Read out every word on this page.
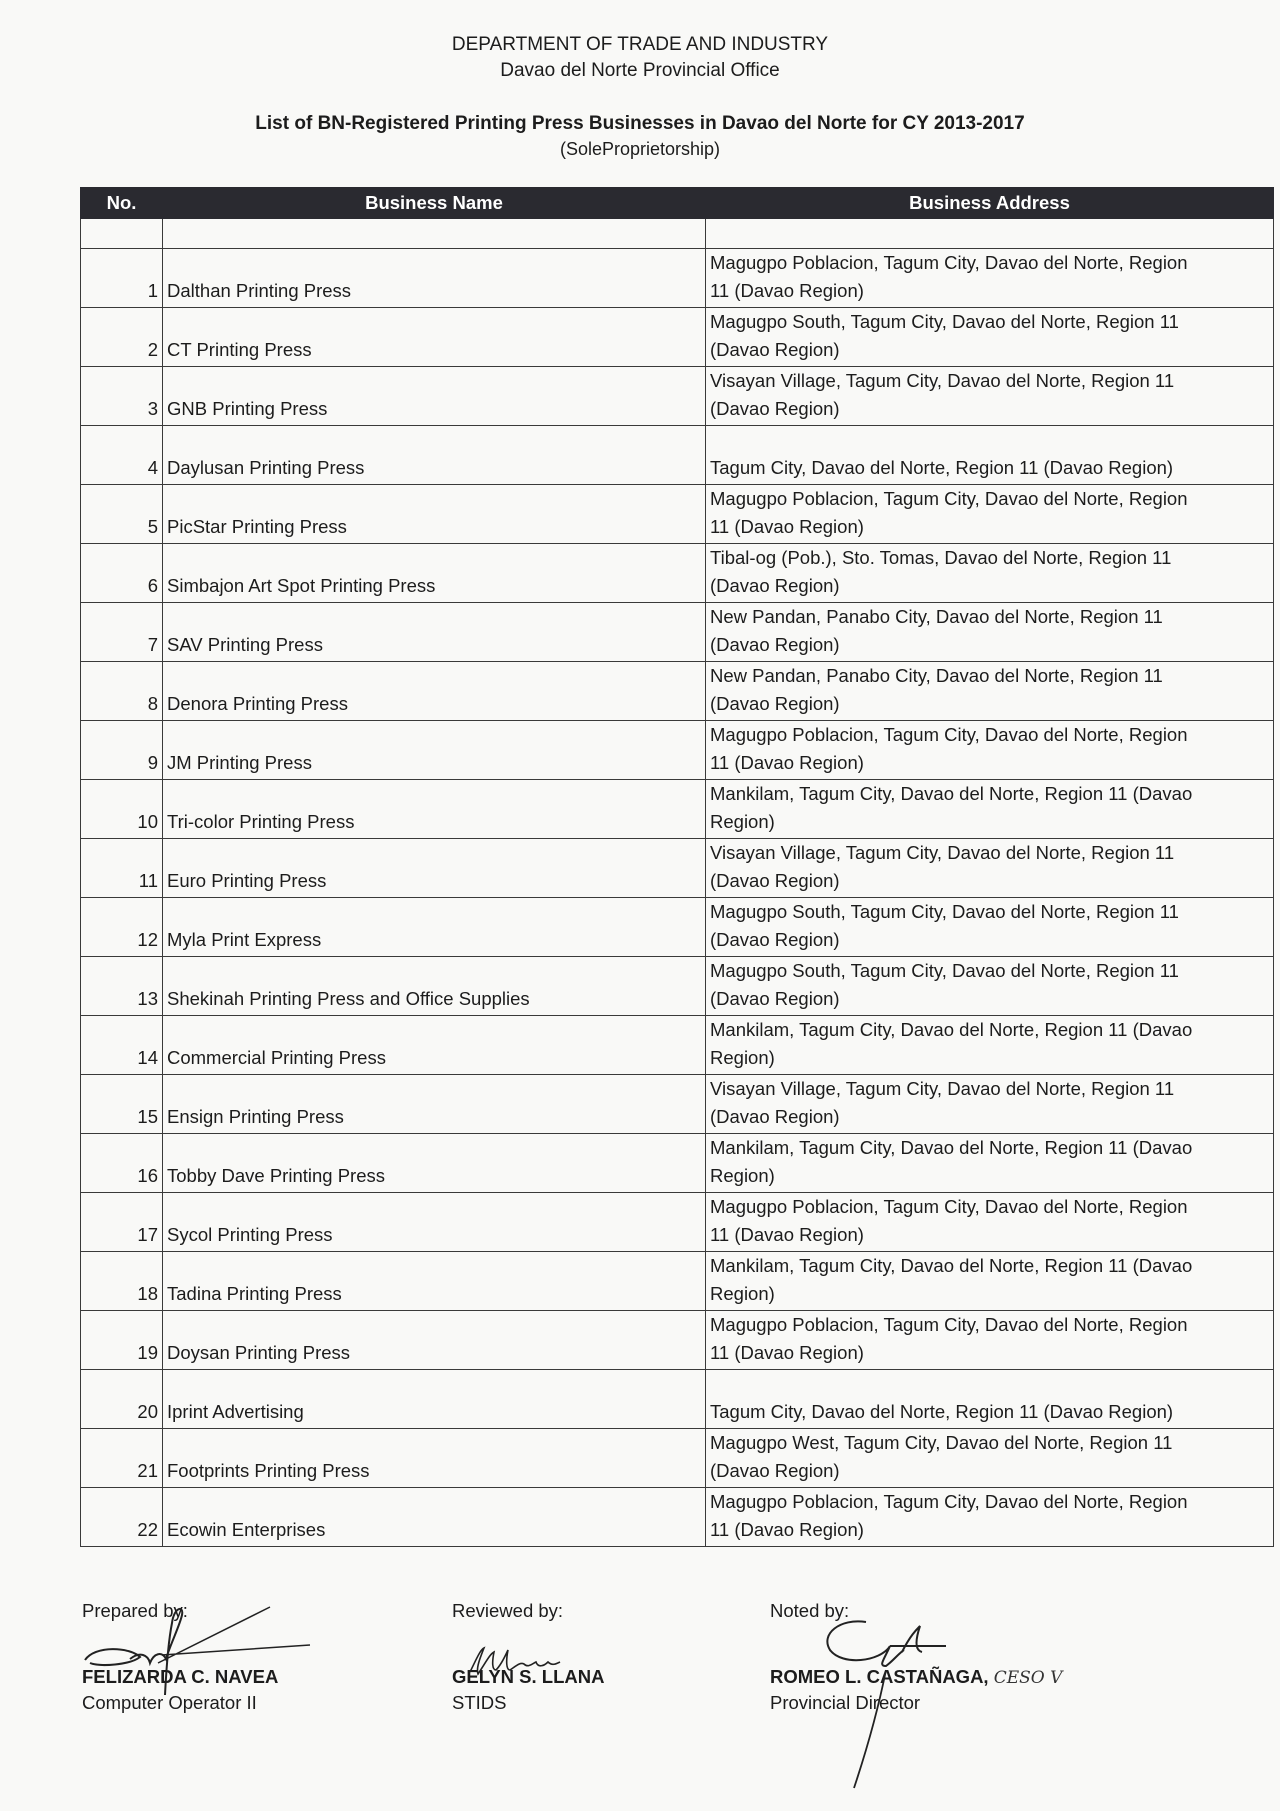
DEPARTMENT OF TRADE AND INDUSTRY
Davao del Norte Provincial Office
List of BN-Registered Printing Press Businesses in Davao del Norte for CY 2013-2017
(SoleProprietorship)
No.	Business Name	Business Address

1	Dalthan Printing Press	Magugpo Poblacion, Tagum City, Davao del Norte, Region
11 (Davao Region)

2	CT Printing Press	Magugpo South, Tagum City, Davao del Norte, Region 11
(Davao Region)

3	GNB Printing Press	Visayan Village, Tagum City, Davao del Norte, Region 11
(Davao Region)

4	Daylusan Printing Press	Tagum City, Davao del Norte, Region 11 (Davao Region)

5	PicStar Printing Press	Magugpo Poblacion, Tagum City, Davao del Norte, Region
11 (Davao Region)

6	Simbajon Art Spot Printing Press	Tibal-og (Pob.), Sto. Tomas, Davao del Norte, Region 11
(Davao Region)

7	SAV Printing Press	New Pandan, Panabo City, Davao del Norte, Region 11
(Davao Region)

8	Denora Printing Press	New Pandan, Panabo City, Davao del Norte, Region 11
(Davao Region)

9	JM Printing Press	Magugpo Poblacion, Tagum City, Davao del Norte, Region
11 (Davao Region)

10	Tri-color Printing Press	Mankilam, Tagum City, Davao del Norte, Region 11 (Davao
Region)

11	Euro Printing Press	Visayan Village, Tagum City, Davao del Norte, Region 11
(Davao Region)

12	Myla Print Express	Magugpo South, Tagum City, Davao del Norte, Region 11
(Davao Region)

13	Shekinah Printing Press and Office Supplies	Magugpo South, Tagum City, Davao del Norte, Region 11
(Davao Region)

14	Commercial Printing Press	Mankilam, Tagum City, Davao del Norte, Region 11 (Davao
Region)

15	Ensign Printing Press	Visayan Village, Tagum City, Davao del Norte, Region 11
(Davao Region)

16	Tobby Dave Printing Press	Mankilam, Tagum City, Davao del Norte, Region 11 (Davao
Region)

17	Sycol Printing Press	Magugpo Poblacion, Tagum City, Davao del Norte, Region
11 (Davao Region)

18	Tadina Printing Press	Mankilam, Tagum City, Davao del Norte, Region 11 (Davao
Region)

19	Doysan Printing Press	Magugpo Poblacion, Tagum City, Davao del Norte, Region
11 (Davao Region)

20	Iprint Advertising	Tagum City, Davao del Norte, Region 11 (Davao Region)

21	Footprints Printing Press	Magugpo West, Tagum City, Davao del Norte, Region 11
(Davao Region)

22	Ecowin Enterprises	Magugpo Poblacion, Tagum City, Davao del Norte, Region
11 (Davao Region)
Prepared by:
FELIZARDA C. NAVEA
Computer Operator II
Reviewed by:
GELYN S. LLANA
STIDS
Noted by:
ROMEO L. CASTAÑAGA, CESO V
Provincial Director
